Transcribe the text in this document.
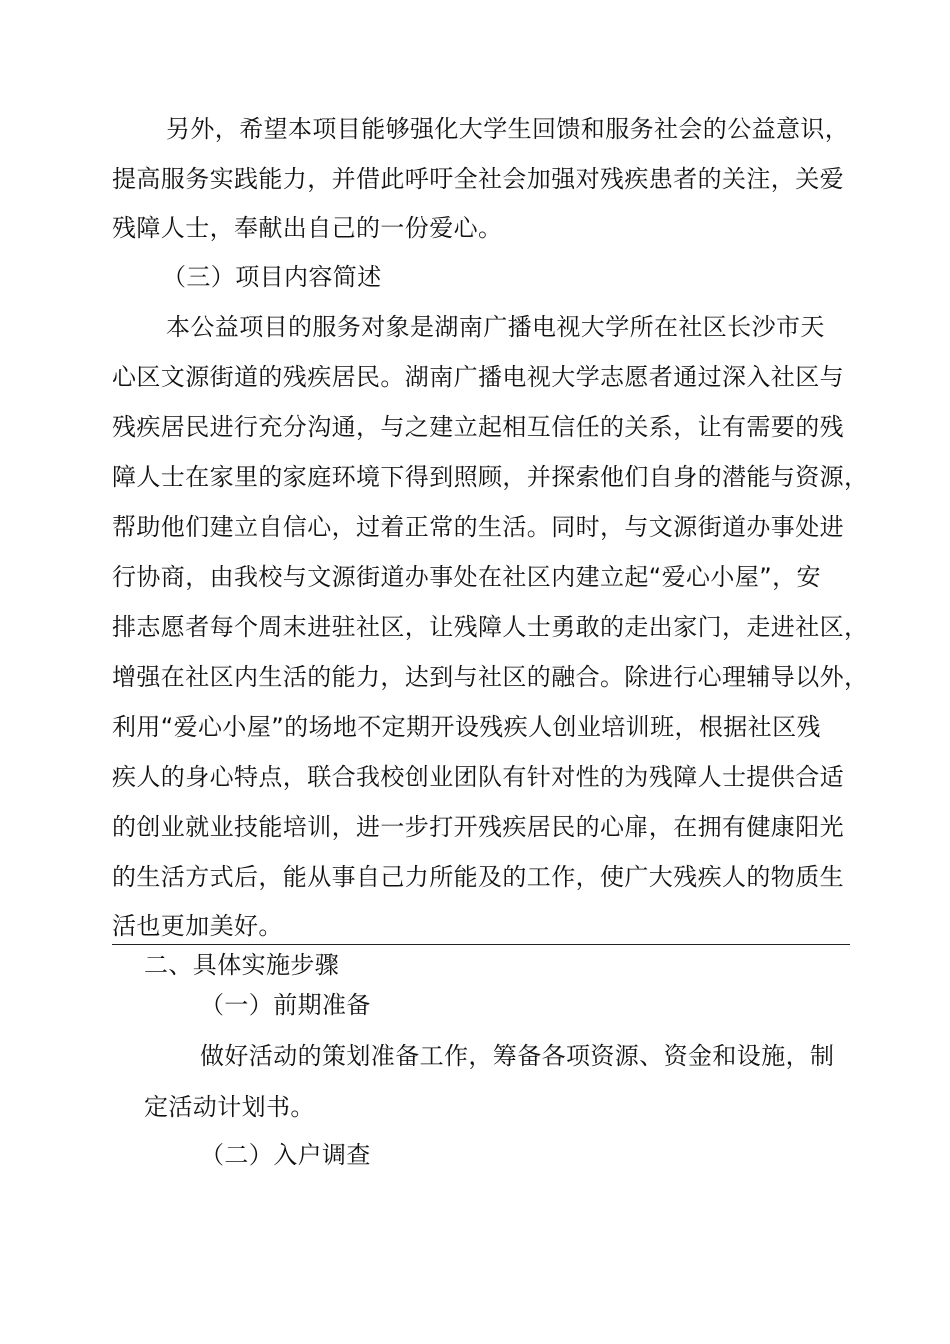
另外，希望本项目能够强化大学生回馈和服务社会的公益意识，
提高服务实践能力，并借此呼吁全社会加强对残疾患者的关注，关爱
残障人士，奉献出自己的一份爱心。
（三）项目内容简述
本公益项目的服务对象是湖南广播电视大学所在社区长沙市天
心区文源街道的残疾居民。湖南广播电视大学志愿者通过深入社区与
残疾居民进行充分沟通，与之建立起相互信任的关系，让有需要的残
障人士在家里的家庭环境下得到照顾，并探索他们自身的潜能与资源，
帮助他们建立自信心，过着正常的生活。同时，与文源街道办事处进
行协商，由我校与文源街道办事处在社区内建立起“爱心小屋”，安
排志愿者每个周末进驻社区，让残障人士勇敢的走出家门，走进社区，
增强在社区内生活的能力，达到与社区的融合。除进行心理辅导以外，
利用“爱心小屋”的场地不定期开设残疾人创业培训班，根据社区残
疾人的身心特点，联合我校创业团队有针对性的为残障人士提供合适
的创业就业技能培训，进一步打开残疾居民的心扉，在拥有健康阳光
的生活方式后，能从事自己力所能及的工作，使广大残疾人的物质生
活也更加美好。
二、具体实施步骤
（一）前期准备
做好活动的策划准备工作，筹备各项资源、资金和设施，制
定活动计划书。
（二）入户调查
